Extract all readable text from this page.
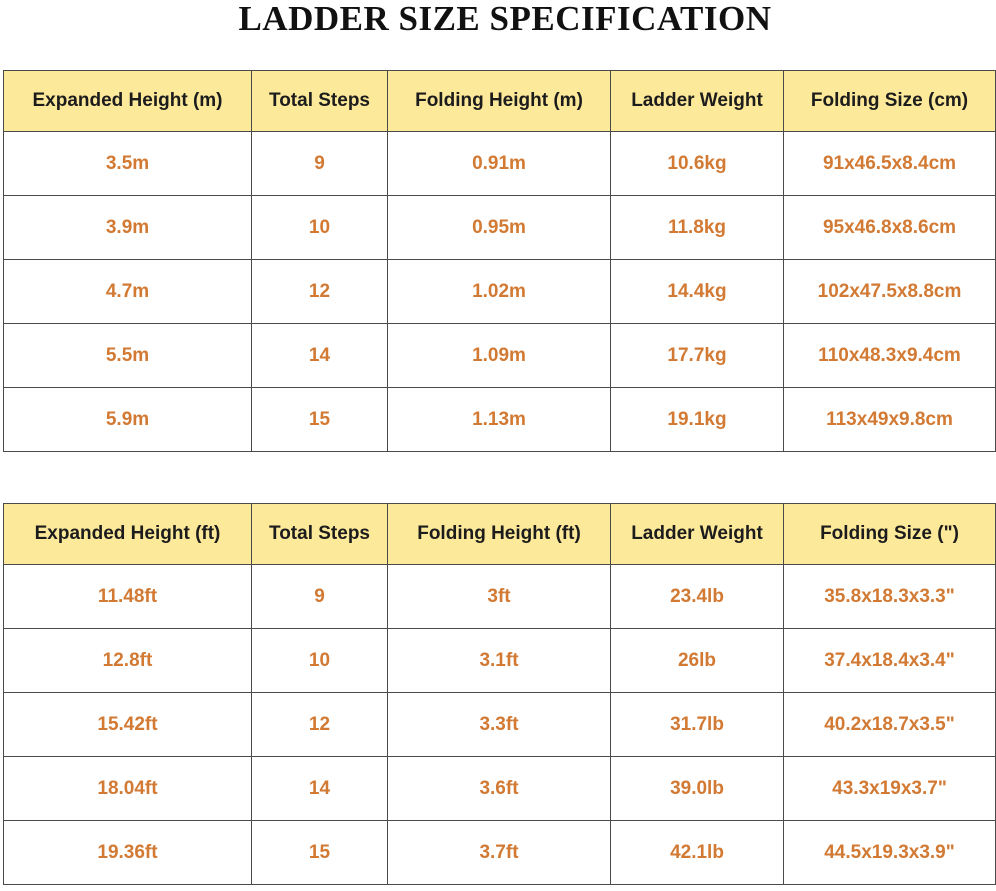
LADDER SIZE SPECIFICATION
Expanded Height (m)	Total Steps	Folding Height (m)	Ladder Weight	Folding Size (cm)
3.5m	9	0.91m	10.6kg	91x46.5x8.4cm
3.9m	10	0.95m	11.8kg	95x46.8x8.6cm
4.7m	12	1.02m	14.4kg	102x47.5x8.8cm
5.5m	14	1.09m	17.7kg	110x48.3x9.4cm
5.9m	15	1.13m	19.1kg	113x49x9.8cm
Expanded Height (ft)	Total Steps	Folding Height (ft)	Ladder Weight	Folding Size (")
11.48ft	9	3ft	23.4lb	35.8x18.3x3.3"
12.8ft	10	3.1ft	26lb	37.4x18.4x3.4"
15.42ft	12	3.3ft	31.7lb	40.2x18.7x3.5"
18.04ft	14	3.6ft	39.0lb	43.3x19x3.7"
19.36ft	15	3.7ft	42.1lb	44.5x19.3x3.9"
